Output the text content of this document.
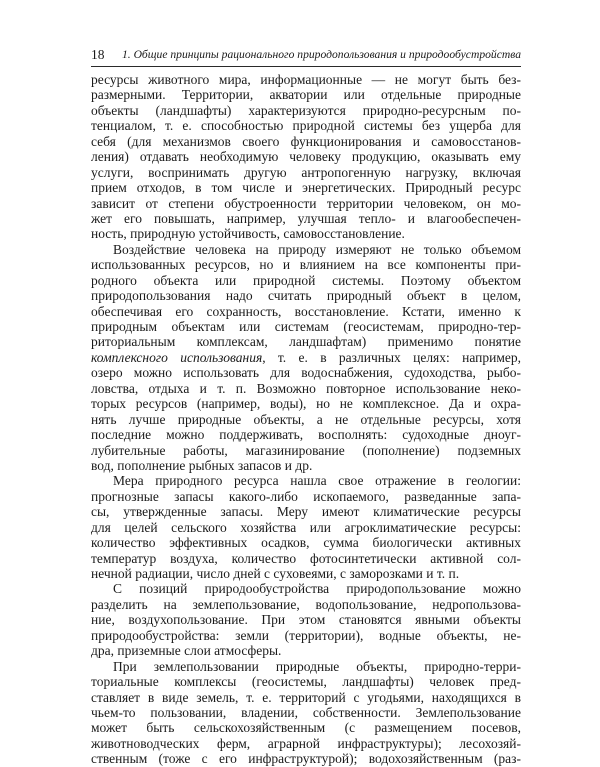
18 1. Общие принципы рационального природопользования и природообустройства
ресурсы животного мира, информационные — не могут быть без-
размерными. Территории, акватории или отдельные природные
объекты (ландшафты) характеризуются природно-ресурсным по-
тенциалом, т. е. способностью природной системы без ущерба для
себя (для механизмов своего функционирования и самовосстанов-
ления) отдавать необходимую человеку продукцию, оказывать ему
услуги, воспринимать другую антропогенную нагрузку, включая
прием отходов, в том числе и энергетических. Природный ресурс
зависит от степени обустроенности территории человеком, он мо-
жет его повышать, например, улучшая тепло- и влагообеспечен-
ность, природную устойчивость, самовосстановление.
Воздействие человека на природу измеряют не только объемом
использованных ресурсов, но и влиянием на все компоненты при-
родного объекта или природной системы. Поэтому объектом
природопользования надо считать природный объект в целом,
обеспечивая его сохранность, восстановление. Кстати, именно к
природным объектам или системам (геосистемам, природно-тер-
риториальным комплексам, ландшафтам) применимо понятие
комплексного использования, т. е. в различных целях: например,
озеро можно использовать для водоснабжения, судоходства, рыбо-
ловства, отдыха и т. п. Возможно повторное использование неко-
торых ресурсов (например, воды), но не комплексное. Да и охра-
нять лучше природные объекты, а не отдельные ресурсы, хотя
последние можно поддерживать, восполнять: судоходные дноуг-
лубительные работы, магазинирование (пополнение) подземных
вод, пополнение рыбных запасов и др.
Мера природного ресурса нашла свое отражение в геологии:
прогнозные запасы какого-либо ископаемого, разведанные запа-
сы, утвержденные запасы. Меру имеют климатические ресурсы
для целей сельского хозяйства или агроклиматические ресурсы:
количество эффективных осадков, сумма биологически активных
температур воздуха, количество фотосинтетически активной сол-
нечной радиации, число дней с суховеями, с заморозками и т. п.
С позиций природообустройства природопользование можно
разделить на землепользование, водопользование, недропользова-
ние, воздухопользование. При этом становятся явными объекты
природообустройства: земли (территории), водные объекты, не-
дра, приземные слои атмосферы.
При землепользовании природные объекты, природно-терри-
ториальные комплексы (геосистемы, ландшафты) человек пред-
ставляет в виде земель, т. е. территорий с угодьями, находящихся в
чьем-то пользовании, владении, собственности. Землепользование
может быть сельскохозяйственным (с размещением посевов,
животноводческих ферм, аграрной инфраструктуры); лесохозяй-
ственным (тоже с его инфраструктурой); водохозяйственным (раз-
